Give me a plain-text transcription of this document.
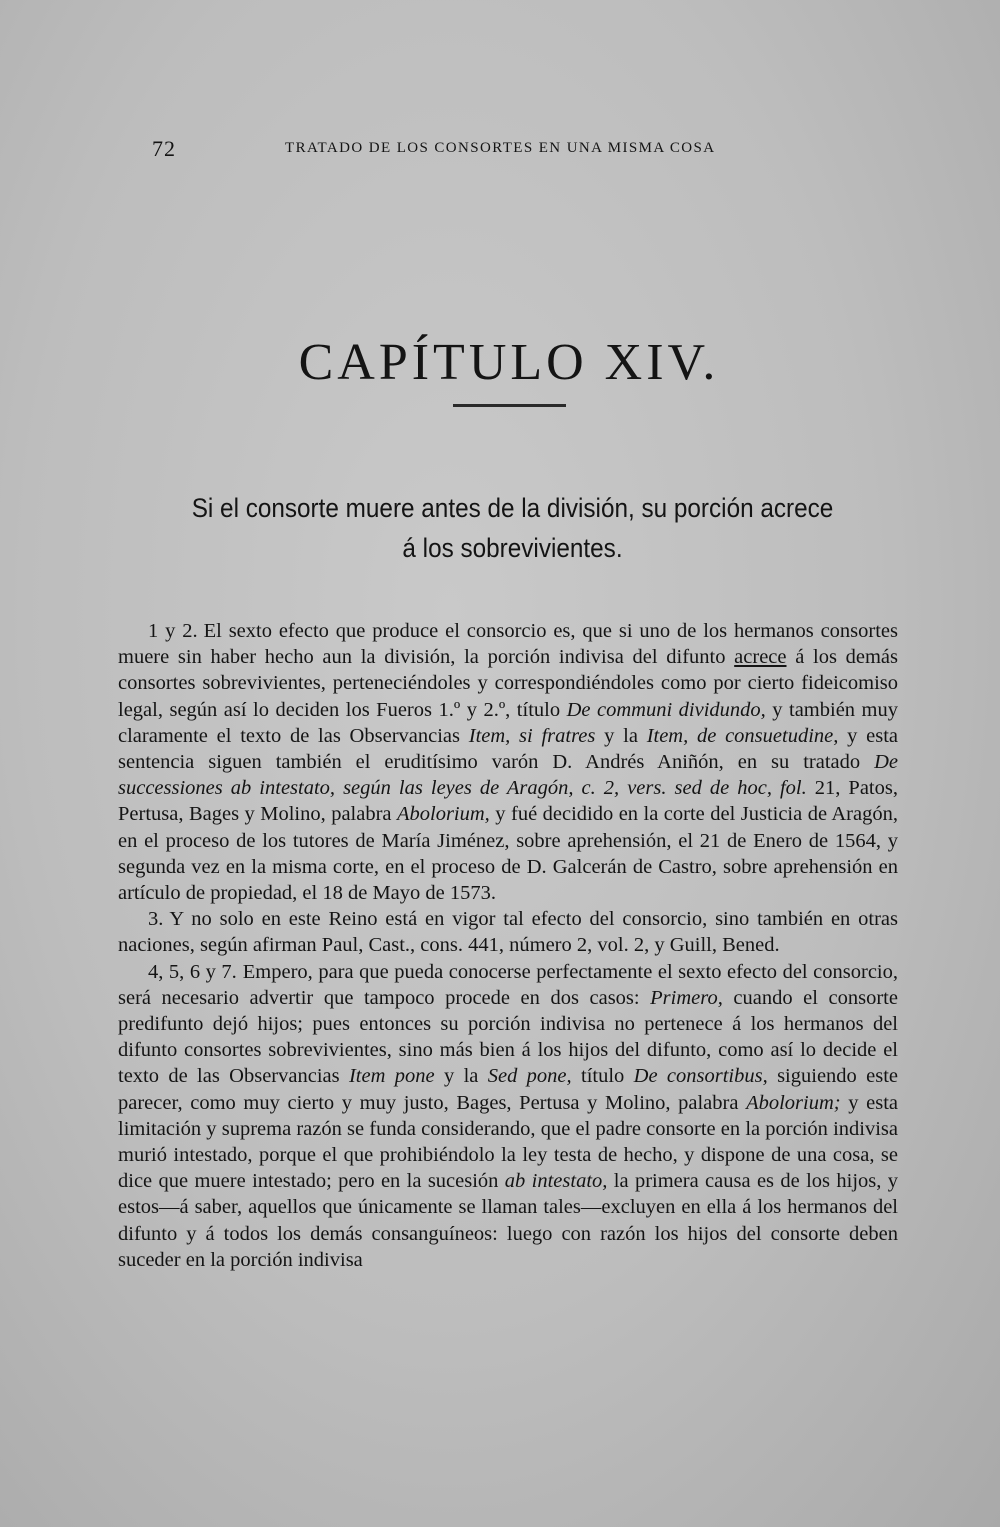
72	TRATADO DE LOS CONSORTES EN UNA MISMA COSA
CAPÍTULO XIV.
Si el consorte muere antes de la división, su porción acrece
á los sobrevivientes.

1 y 2. El sexto efecto que produce el consorcio es, que si uno de los hermanos consortes muere sin haber hecho aun la división, la porción indivisa del difunto acrece á los demás consortes sobrevivientes, perteneciéndoles y correspondiéndoles como por cierto fideicomiso legal, según así lo deciden los Fueros 1.º y 2.º, título De communi dividundo, y también muy claramente el texto de las Observancias Item, si fratres y la Item, de consuetudine, y esta sentencia siguen también el eruditísimo varón D. Andrés Aniñón, en su tratado De successiones ab intestato, según las leyes de Aragón, c. 2, vers. sed de hoc, fol. 21, Patos, Pertusa, Bages y Molino, palabra Abolorium, y fué decidido en la corte del Justicia de Aragón, en el proceso de los tutores de María Jiménez, sobre aprehensión, el 21 de Enero de 1564, y segunda vez en la misma corte, en el proceso de D. Galcerán de Castro, sobre aprehensión en artículo de propiedad, el 18 de Mayo de 1573.

3. Y no solo en este Reino está en vigor tal efecto del consorcio, sino también en otras naciones, según afirman Paul, Cast., cons. 441, número 2, vol. 2, y Guill, Bened.

4, 5, 6 y 7. Empero, para que pueda conocerse perfectamente el sexto efecto del consorcio, será necesario advertir que tampoco procede en dos casos: Primero, cuando el consorte predifunto dejó hijos; pues entonces su porción indivisa no pertenece á los hermanos del difunto consortes sobrevivientes, sino más bien á los hijos del difunto, como así lo decide el texto de las Observancias Item pone y la Sed pone, título De consortibus, siguiendo este parecer, como muy cierto y muy justo, Bages, Pertusa y Molino, palabra Abolorium; y esta limitación y suprema razón se funda considerando, que el padre consorte en la porción indivisa murió intestado, porque el que prohibiéndolo la ley testa de hecho, y dispone de una cosa, se dice que muere intestado; pero en la sucesión ab intestato, la primera causa es de los hijos, y estos—á saber, aquellos que únicamente se llaman tales—excluyen en ella á los hermanos del difunto y á todos los demás consanguíneos: luego con razón los hijos del consorte deben suceder en la porción indivisa
